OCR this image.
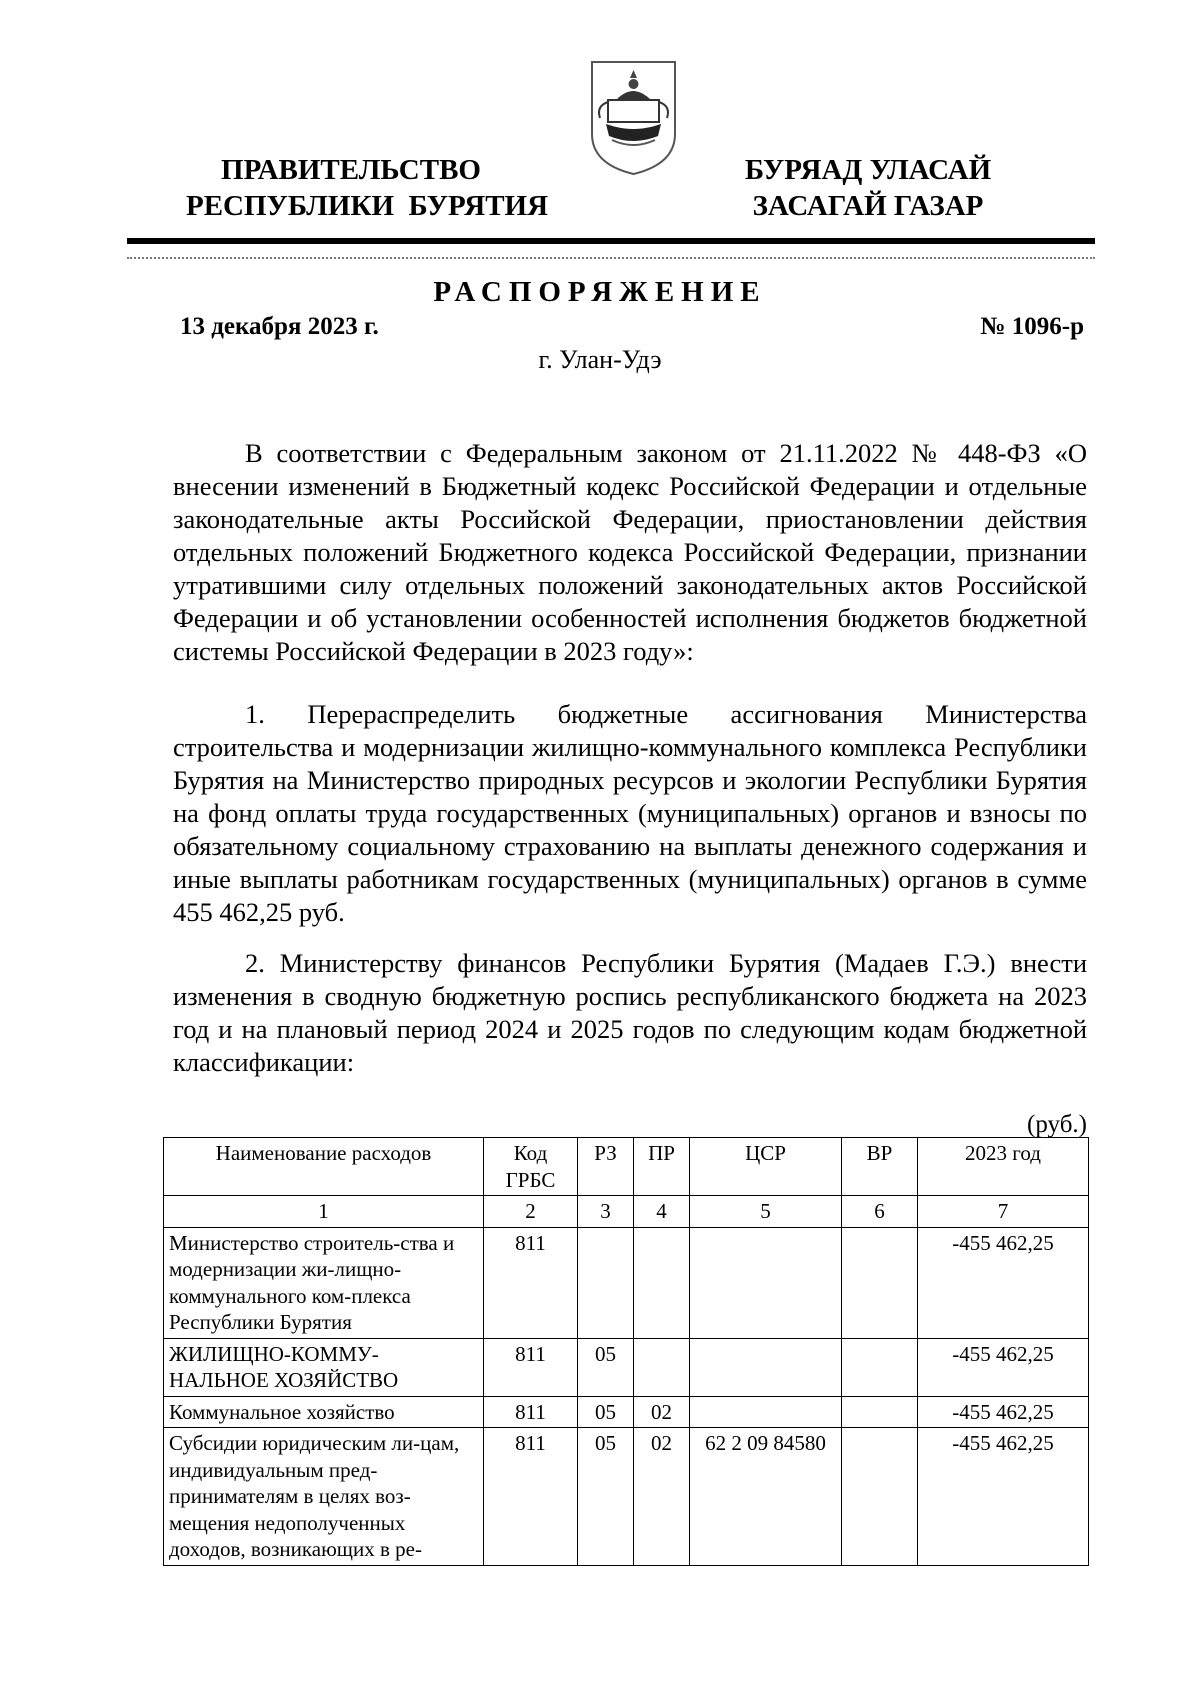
ПРАВИТЕЛЬСТВО
РЕСПУБЛИКИ  БУРЯТИЯ
БУРЯАД УЛАСАЙ
ЗАСАГАЙ ГАЗАР
РАСПОРЯЖЕНИЕ
13 декабря 2023 г.	№ 1096-р
г. Улан-Удэ

В соответствии с Федеральным законом от 21.11.2022 № 448-ФЗ «О внесении изменений в Бюджетный кодекс Российской Федерации и отдельные законодательные акты Российской Федерации, приостановлении действия отдельных положений Бюджетного кодекса Российской Федерации, признании утратившими силу отдельных положений законодательных актов Российской Федерации и об установлении особенностей исполнения бюджетов бюджетной системы Российской Федерации в 2023 году»:

1. Перераспределить бюджетные ассигнования Министерства строительства и модернизации жилищно-коммунального комплекса Республики Бурятия на Министерство природных ресурсов и экологии Республики Бурятия на фонд оплаты труда государственных (муниципальных) органов и взносы по обязательному социальному страхованию на выплаты денежного содержания и иные выплаты работникам государственных (муниципальных) органов в сумме 455 462,25 руб.

2. Министерству финансов Республики Бурятия (Мадаев Г.Э.) внести изменения в сводную бюджетную роспись республиканского бюджета на 2023 год и на плановый период 2024 и 2025 годов по следующим кодам бюджетной классификации:

(руб.)
Наименование расходов	Код ГРБС	РЗ	ПР	ЦСР	ВР	2023 год
1	2	3	4	5	6	7
Министерство строитель-ства и модернизации жи-лищно-коммунального ком-плекса Республики Бурятия	811					-455 462,25
ЖИЛИЩНО-КОММУ-НАЛЬНОЕ ХОЗЯЙСТВО	811	05				-455 462,25
Коммунальное хозяйство	811	05	02			-455 462,25
Субсидии юридическим ли-цам, индивидуальным пред-принимателям в целях воз-мещения недополученных доходов, возникающих в ре-	811	05	02	62 2 09 84580		-455 462,25
